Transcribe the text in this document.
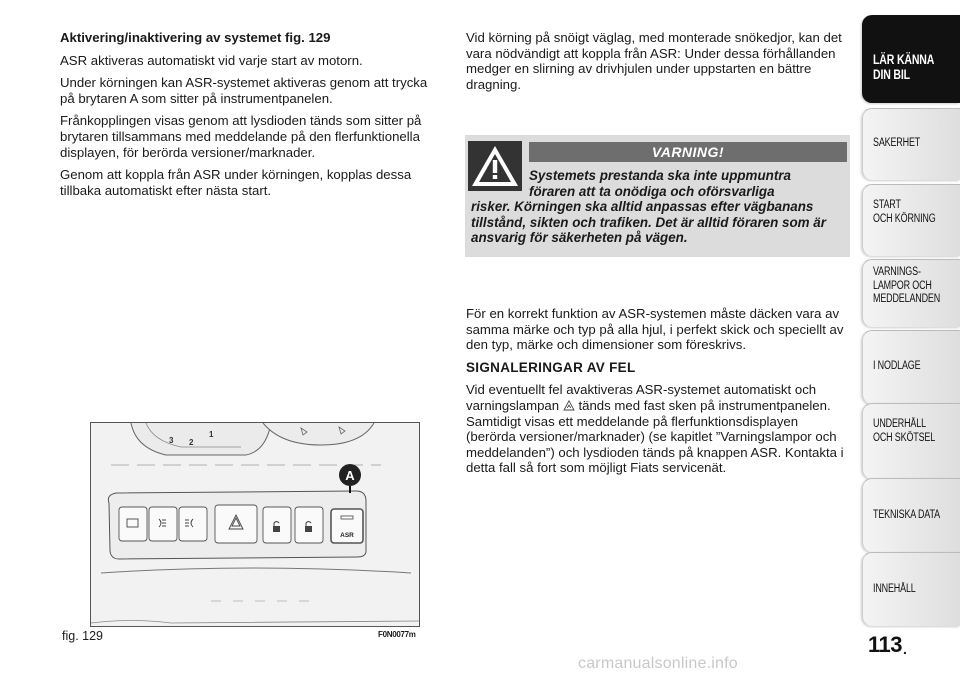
Aktivering/inaktivering av systemet fig. 129

ASR aktiveras automatiskt vid varje start av motorn.

Under körningen kan ASR-systemet aktiveras genom att trycka på brytaren A som sitter på instrumentpanelen.

Frånkopplingen visas genom att lysdioden tänds som sitter på brytaren tillsammans med meddelande på den flerfunktionella displayen, för berörda versioner/marknader.

Genom att koppla från ASR under körningen, kopplas dessa tillbaka automatiskt efter nästa start.

Vid körning på snöigt väglag, med monterade snökedjor, kan det vara nödvändigt att koppla från ASR: Under dessa förhållanden medger en slirning av drivhjulen under uppstarten en bättre dragning.

VARNING!
Systemets prestanda ska inte uppmuntra
föraren att ta onödiga och oförsvarliga
risker. Körningen ska alltid anpassas efter vägbanans tillstånd, sikten och trafiken. Det är alltid föraren som är ansvarig för säkerheten på vägen.

För en korrekt funktion av ASR-systemen måste däcken vara av samma märke och typ på alla hjul, i perfekt skick och speciellt av den typ, märke och dimensioner som föreskrivs.

SIGNALERINGAR AV FEL

Vid eventuellt fel avaktiveras ASR-systemet automatiskt och varningslampan tänds med fast sken på instrumentpanelen. Samtidigt visas ett meddelande på flerfunktionsdisplayen (berörda versioner/marknader) (se kapitlet ”Varningslampor och meddelanden”) och lysdioden tänds på knappen ASR. Kontakta i detta fall så fort som möjligt Fiats servicenät.

3 2
1
ASR
A
fig. 129	F0N0077m
LÄR KÄNNA
DIN BIL
SÄKERHET
START
OCH KÖRNING
VARNINGS-
LAMPOR OCH
MEDDELANDEN
I NÖDLÄGE
UNDERHÅLL
OCH SKÖTSEL
TEKNISKA DATA
INNEHÅLL
113 .
carmanualsonline.info
